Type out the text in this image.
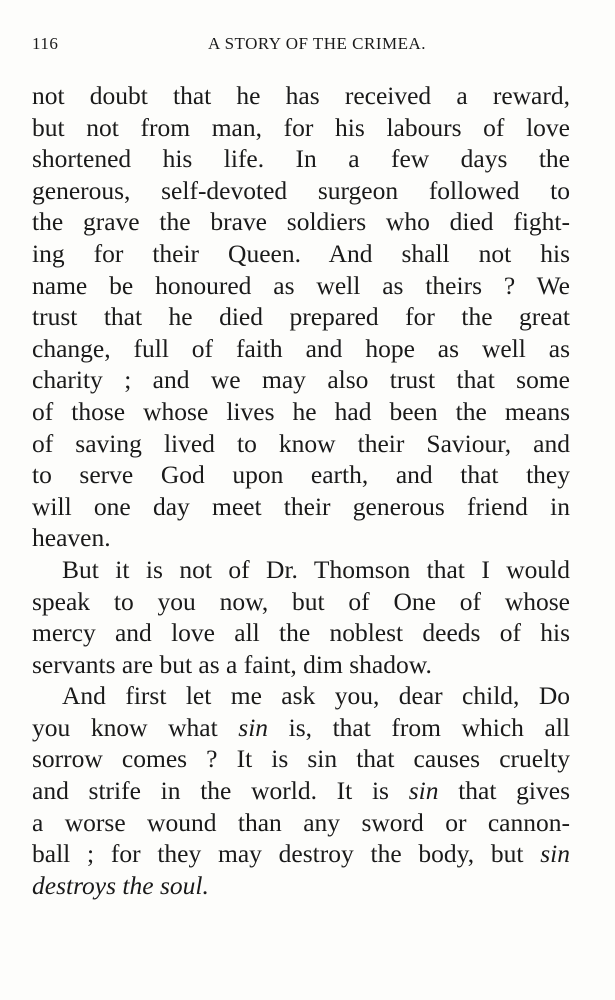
116	A STORY OF THE CRIMEA.
not doubt that he has received a reward,
but not from man, for his labours of love
shortened his life. In a few days the
generous, self-devoted surgeon followed to
the grave the brave soldiers who died fight-
ing for their Queen. And shall not his
name be honoured as well as theirs ? We
trust that he died prepared for the great
change, full of faith and hope as well as
charity ; and we may also trust that some
of those whose lives he had been the means
of saving lived to know their Saviour, and
to serve God upon earth, and that they
will one day meet their generous friend in
heaven.
But it is not of Dr. Thomson that I would
speak to you now, but of One of whose
mercy and love all the noblest deeds of his
servants are but as a faint, dim shadow.
And first let me ask you, dear child, Do
you know what sin is, that from which all
sorrow comes ? It is sin that causes cruelty
and strife in the world. It is sin that gives
a worse wound than any sword or cannon-
ball ; for they may destroy the body, but sin
destroys the soul.
